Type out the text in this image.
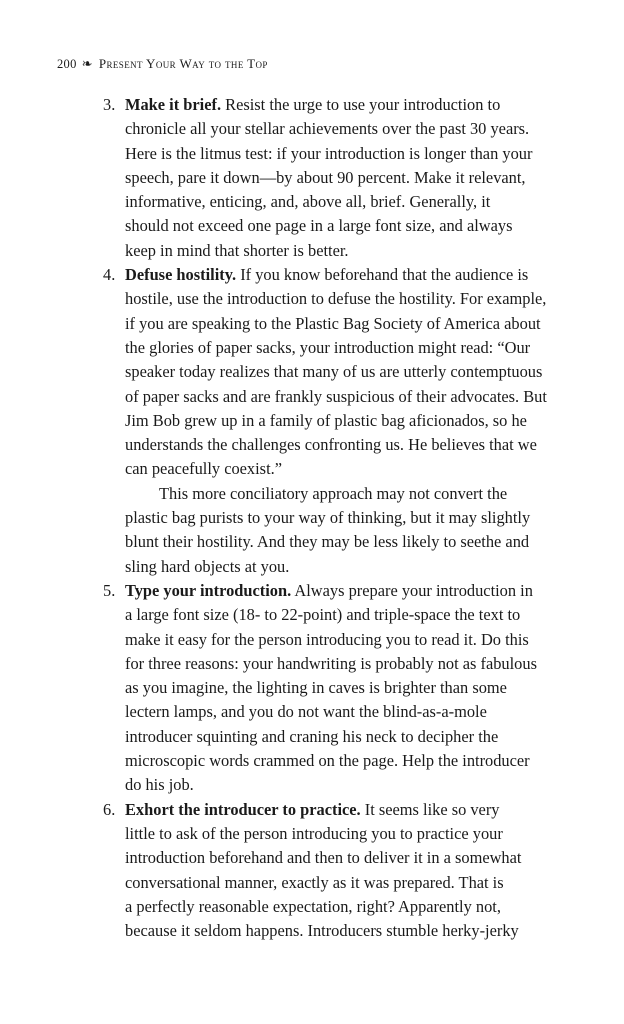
200 ❧ Present Your Way to the Top
3. Make it brief. Resist the urge to use your introduction to
chronicle all your stellar achievements over the past 30 years.
Here is the litmus test: if your introduction is longer than your
speech, pare it down—by about 90 percent. Make it relevant,
informative, enticing, and, above all, brief. Generally, it
should not exceed one page in a large font size, and always
keep in mind that shorter is better.
4. Defuse hostility. If you know beforehand that the audience is
hostile, use the introduction to defuse the hostility. For example,
if you are speaking to the Plastic Bag Society of America about
the glories of paper sacks, your introduction might read: “Our
speaker today realizes that many of us are utterly contemptuous
of paper sacks and are frankly suspicious of their advocates. But
Jim Bob grew up in a family of plastic bag aficionados, so he
understands the challenges confronting us. He believes that we
can peacefully coexist.”
This more conciliatory approach may not convert the
plastic bag purists to your way of thinking, but it may slightly
blunt their hostility. And they may be less likely to seethe and
sling hard objects at you.
5. Type your introduction. Always prepare your introduction in
a large font size (18- to 22-point) and triple-space the text to
make it easy for the person introducing you to read it. Do this
for three reasons: your handwriting is probably not as fabulous
as you imagine, the lighting in caves is brighter than some
lectern lamps, and you do not want the blind-as-a-mole
introducer squinting and craning his neck to decipher the
microscopic words crammed on the page. Help the introducer
do his job.
6. Exhort the introducer to practice. It seems like so very
little to ask of the person introducing you to practice your
introduction beforehand and then to deliver it in a somewhat
conversational manner, exactly as it was prepared. That is
a perfectly reasonable expectation, right? Apparently not,
because it seldom happens. Introducers stumble herky-jerky
